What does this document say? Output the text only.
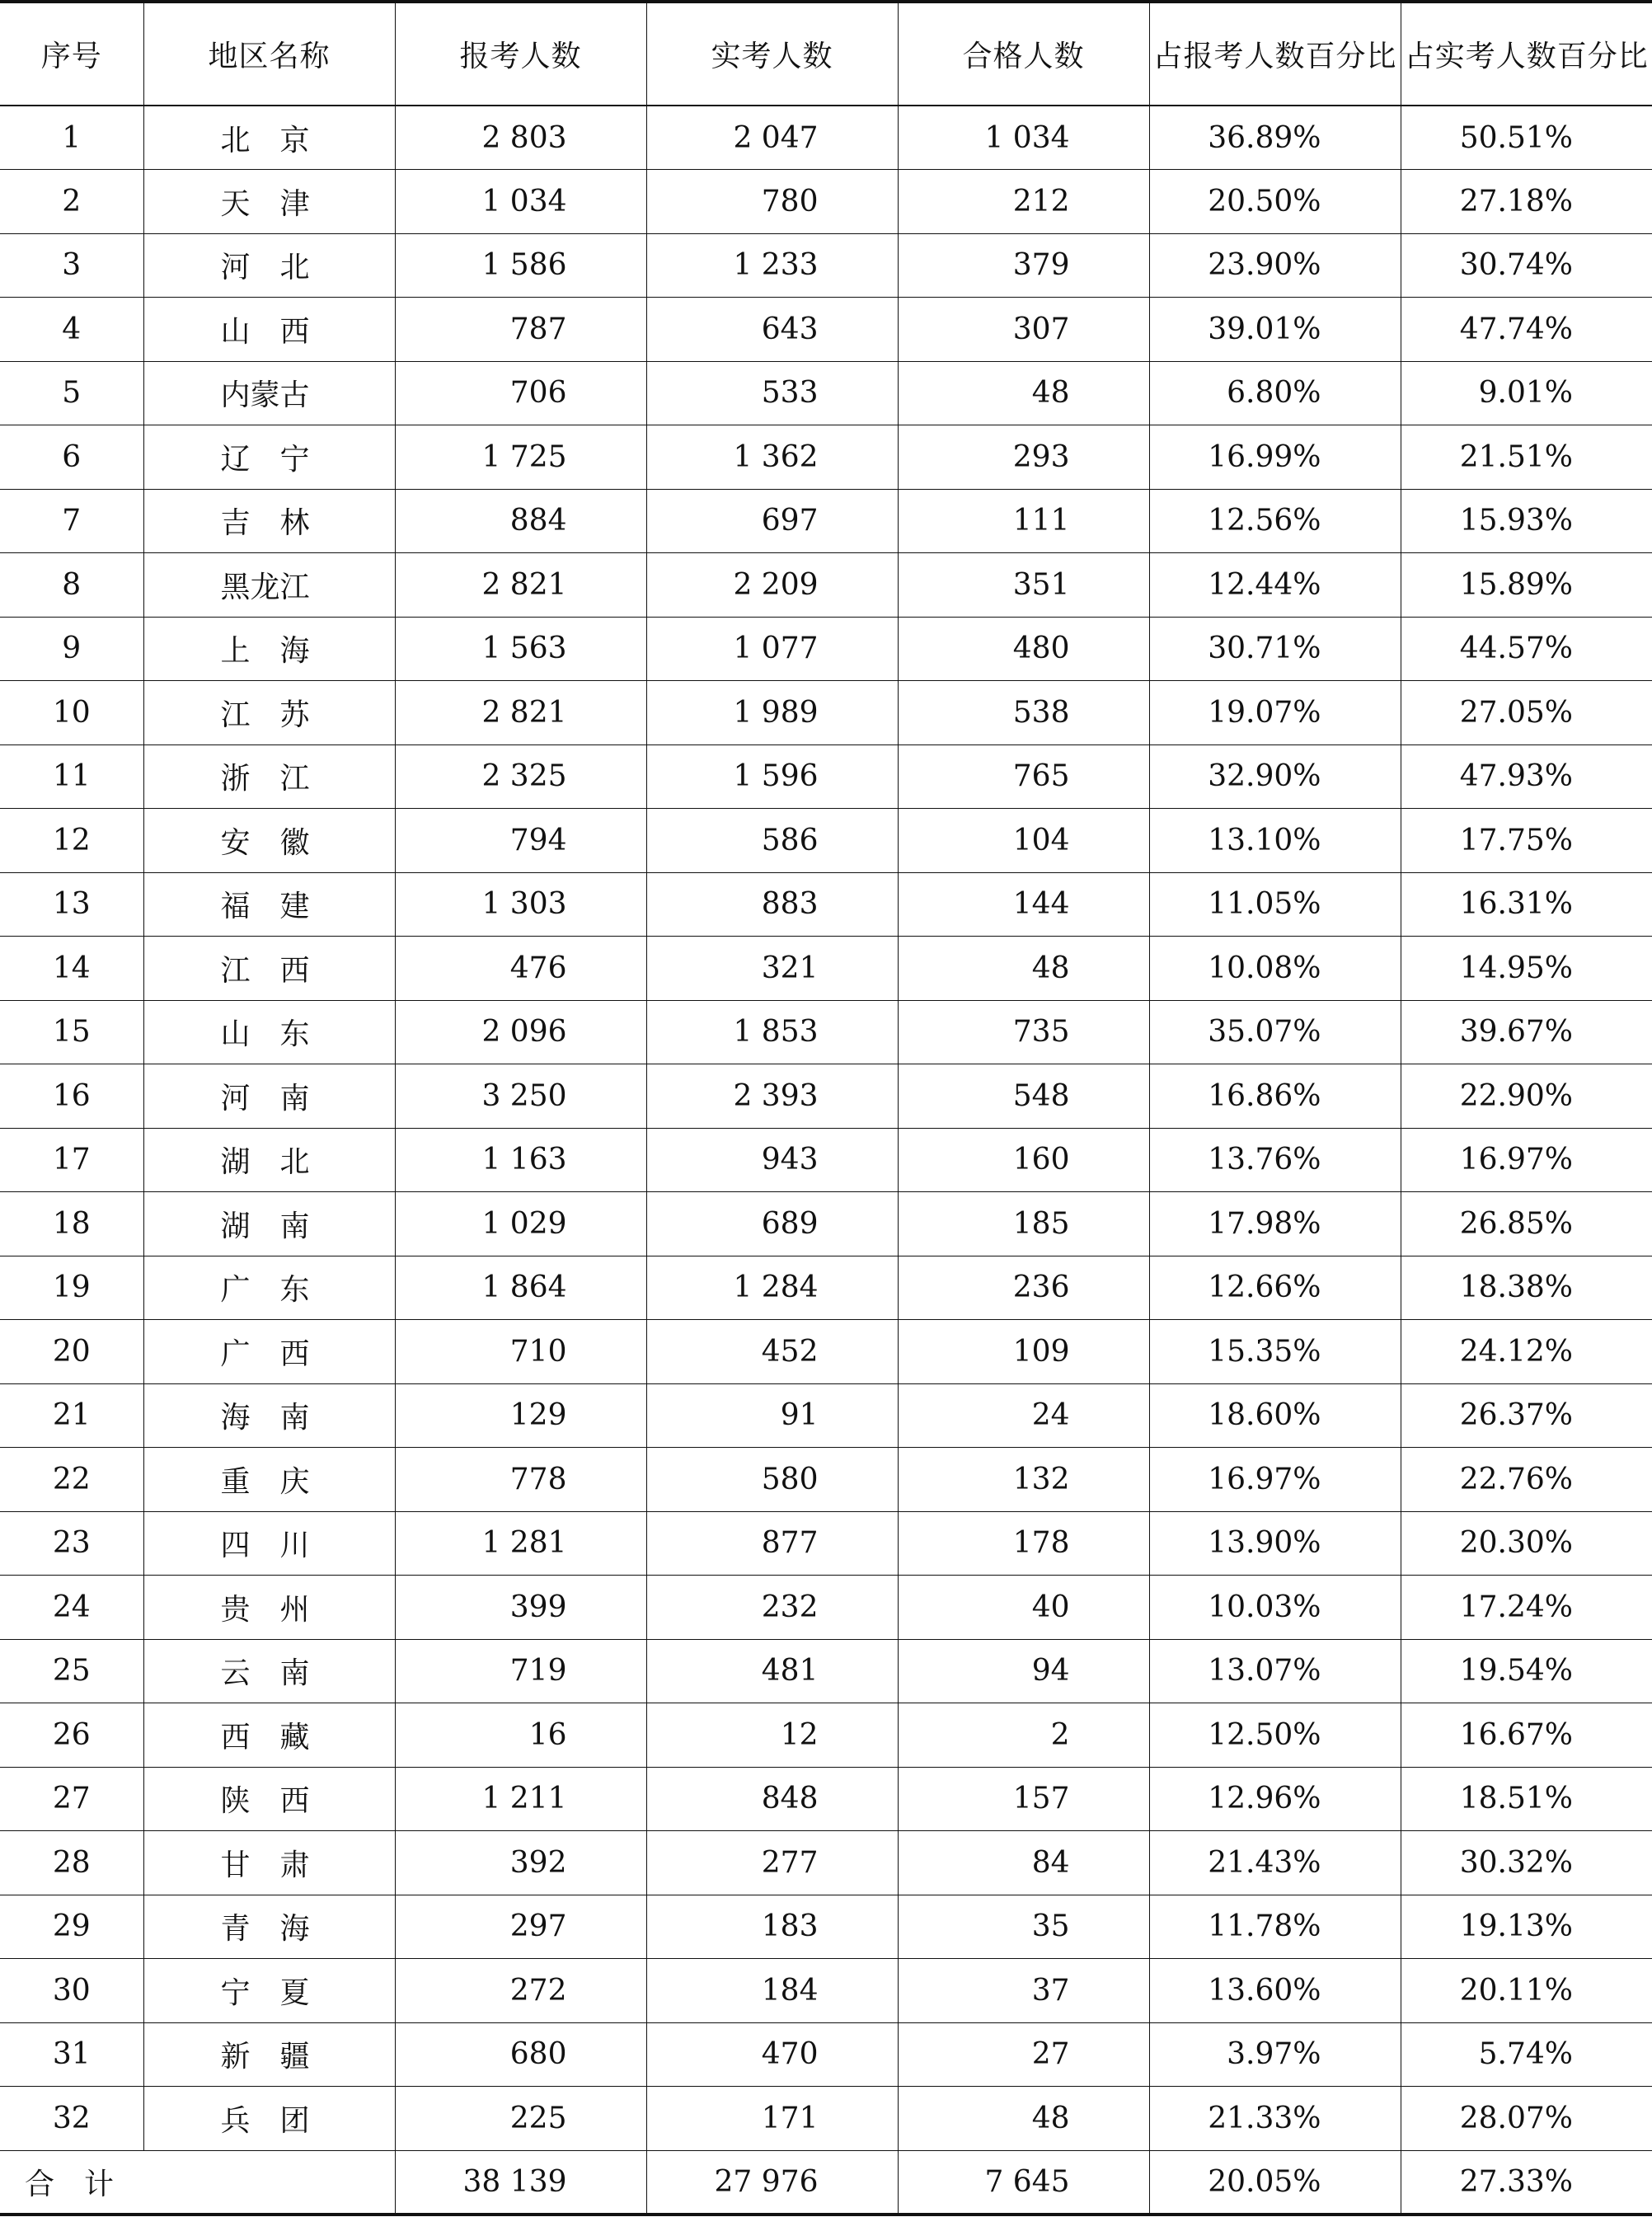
序号	地区名称	报考人数	实考人数	合格人数	占报考人数百分比	占实考人数百分比
1	北　京	2 803	2 047	1 034	36.89%	50.51%
2	天　津	1 034	780	212	20.50%	27.18%
3	河　北	1 586	1 233	379	23.90%	30.74%
4	山　西	787	643	307	39.01%	47.74%
5	内蒙古	706	533	48	6.80%	9.01%
6	辽　宁	1 725	1 362	293	16.99%	21.51%
7	吉　林	884	697	111	12.56%	15.93%
8	黑龙江	2 821	2 209	351	12.44%	15.89%
9	上　海	1 563	1 077	480	30.71%	44.57%
10	江　苏	2 821	1 989	538	19.07%	27.05%
11	浙　江	2 325	1 596	765	32.90%	47.93%
12	安　徽	794	586	104	13.10%	17.75%
13	福　建	1 303	883	144	11.05%	16.31%
14	江　西	476	321	48	10.08%	14.95%
15	山　东	2 096	1 853	735	35.07%	39.67%
16	河　南	3 250	2 393	548	16.86%	22.90%
17	湖　北	1 163	943	160	13.76%	16.97%
18	湖　南	1 029	689	185	17.98%	26.85%
19	广　东	1 864	1 284	236	12.66%	18.38%
20	广　西	710	452	109	15.35%	24.12%
21	海　南	129	91	24	18.60%	26.37%
22	重　庆	778	580	132	16.97%	22.76%
23	四　川	1 281	877	178	13.90%	20.30%
24	贵　州	399	232	40	10.03%	17.24%
25	云　南	719	481	94	13.07%	19.54%
26	西　藏	16	12	2	12.50%	16.67%
27	陕　西	1 211	848	157	12.96%	18.51%
28	甘　肃	392	277	84	21.43%	30.32%
29	青　海	297	183	35	11.78%	19.13%
30	宁　夏	272	184	37	13.60%	20.11%
31	新　疆	680	470	27	3.97%	5.74%
32	兵　团	225	171	48	21.33%	28.07%
合　计		38 139	27 976	7 645	20.05%	27.33%
